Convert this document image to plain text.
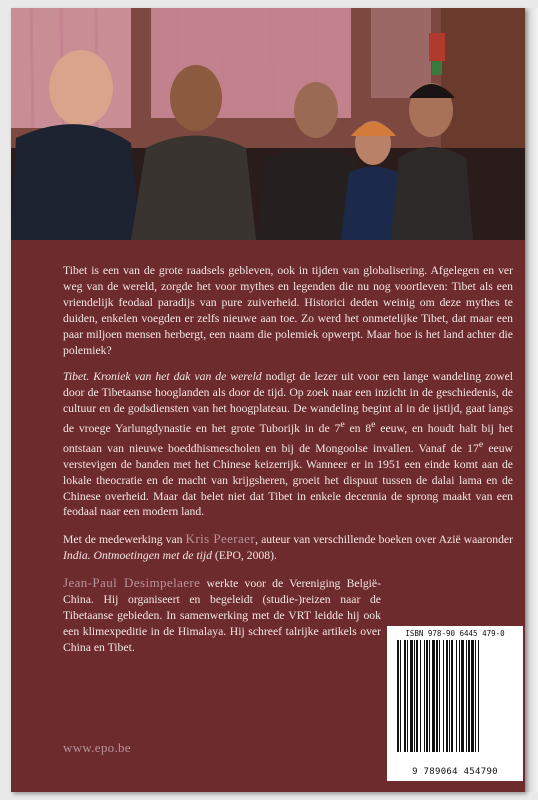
Tibet is een van de grote raadsels gebleven, ook in tijden van globalisering. Afgelegen en ver weg van de wereld, zorgde het voor mythes en legenden die nu nog voortleven: Tibet als een vriendelijk feodaal paradijs van pure zuiverheid. Historici deden weinig om deze mythes te duiden, enkelen voegden er zelfs nieuwe aan toe. Zo werd het onmetelijke Tibet, dat maar een paar miljoen mensen herbergt, een naam die polemiek opwerpt. Maar hoe is het land achter die polemiek?

Tibet. Kroniek van het dak van de wereld nodigt de lezer uit voor een lange wandeling zowel door de Tibetaanse hooglanden als door de tijd. Op zoek naar een inzicht in de geschiedenis, de cultuur en de godsdiensten van het hoogplateau. De wandeling begint al in de ijstijd, gaat langs de vroege Yarlungdynastie en het grote Tuborijk in de 7e en 8e eeuw, en houdt halt bij het ontstaan van nieuwe boeddhismescholen en bij de Mongoolse invallen. Vanaf de 17e eeuw verstevigen de banden met het Chinese keizerrijk. Wanneer er in 1951 een einde komt aan de lokale theocratie en de macht van krijgsheren, groeit het dispuut tussen de dalai lama en de Chinese overheid. Maar dat belet niet dat Tibet in enkele decennia de sprong maakt van een feodaal naar een modern land.

Met de medewerking van Kris Peeraer, auteur van verschillende boeken over Azië waaronder India. Ontmoetingen met de tijd (EPO, 2008).

Jean-Paul Desimpelaere werkte voor de Vereniging België-China. Hij organiseert en begeleidt (studie-)reizen naar de Tibetaanse gebieden. In samenwerking met de VRT leidde hij ook een klimexpeditie in de Himalaya. Hij schreef talrijke artikels over China en Tibet.

www.epo.be
ISBN 978-90 6445 479-0
9 789064 454790
